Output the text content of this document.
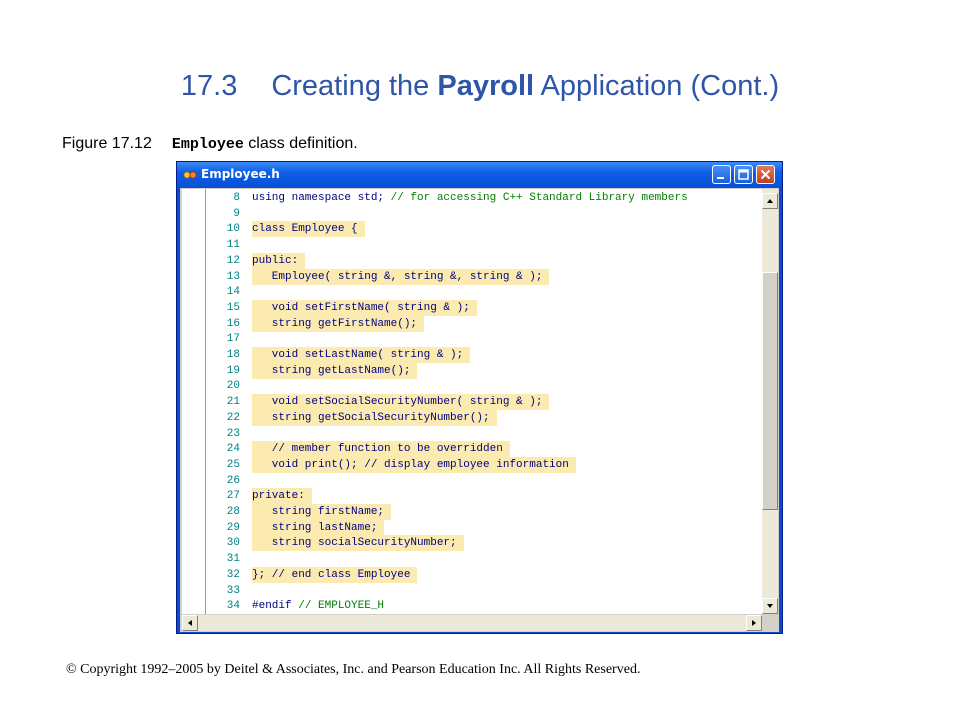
17.3 Creating the Payroll Application (Cont.)
Figure 17.12 Employee class definition.
Employee.h
8 using namespace std; // for accessing C++ Standard Library members
9
10 class Employee {
11
12 public:
13 Employee( string &, string &, string & );
14
15 void setFirstName( string & );
16 string getFirstName();
17
18 void setLastName( string & );
19 string getLastName();
20
21 void setSocialSecurityNumber( string & );
22 string getSocialSecurityNumber();
23
24 // member function to be overridden
25 void print(); // display employee information
26
27 private:
28 string firstName;
29 string lastName;
30 string socialSecurityNumber;
31
32 }; // end class Employee
33
34 #endif // EMPLOYEE_H
© Copyright 1992–2005 by Deitel & Associates, Inc. and Pearson Education Inc. All Rights Reserved.
